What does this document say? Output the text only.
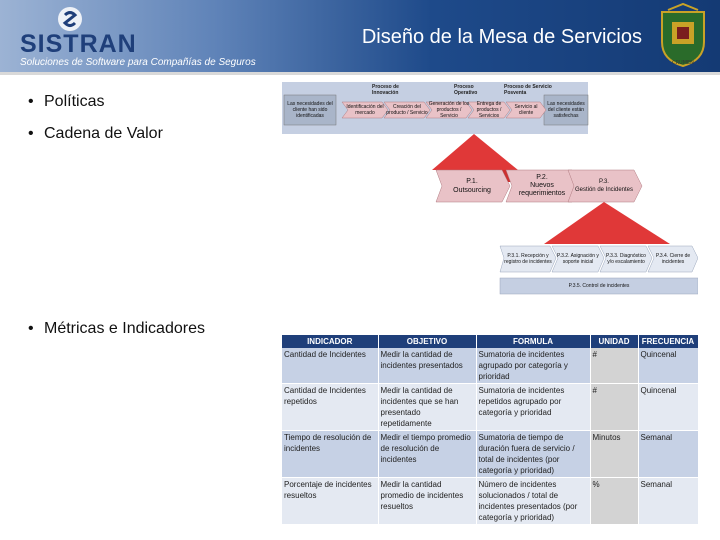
SISTRAN
Soluciones de Software para Compañías de Seguros
Diseño de la Mesa de Servicios
CRUMEN
• Políticas
• Cadena de Valor
• Métricas e Indicadores
Proceso de Innovación
Proceso Operativo
Proceso de Servicio Posventa
Las necesidades del cliente han sido identificadas
Las necesidades del cliente están satisfechas
Identificación del mercado
Creación del producto / Servicio
Generación de los productos / Servicio
Entrega de productos / Servicios
Servicio al cliente
P.1.
Outsourcing
P.2.
Nuevos requerimientos
P.3.
Gestión de Incidentes
P.3.1. Recepción y registro de incidentes
P.3.2. Asignación y soporte inicial
P.3.3. Diagnóstico y/o escalamiento
P.3.4. Cierre de incidentes
P.3.5. Control de incidentes
INDICADOR	OBJETIVO	FORMULA	UNIDAD	FRECUENCIA
Cantidad de Incidentes	Medir la cantidad de incidentes presentados	Sumatoria de incidentes agrupado por categoría y prioridad	#	Quincenal
Cantidad de Incidentes repetidos	Medir la cantidad de incidentes que se han presentado repetidamente	Sumatoria de incidentes repetidos agrupado por categoría y prioridad	#	Quincenal
Tiempo de resolución de incidentes	Medir el tiempo promedio de resolución de incidentes	Sumatoria de tiempo de duración fuera de servicio / total de incidentes (por categoría y prioridad)	Minutos	Semanal
Porcentaje de incidentes resueltos	Medir la cantidad promedio de incidentes resueltos	Número de incidentes solucionados / total de incidentes presentados (por categoría y prioridad)	%	Semanal
